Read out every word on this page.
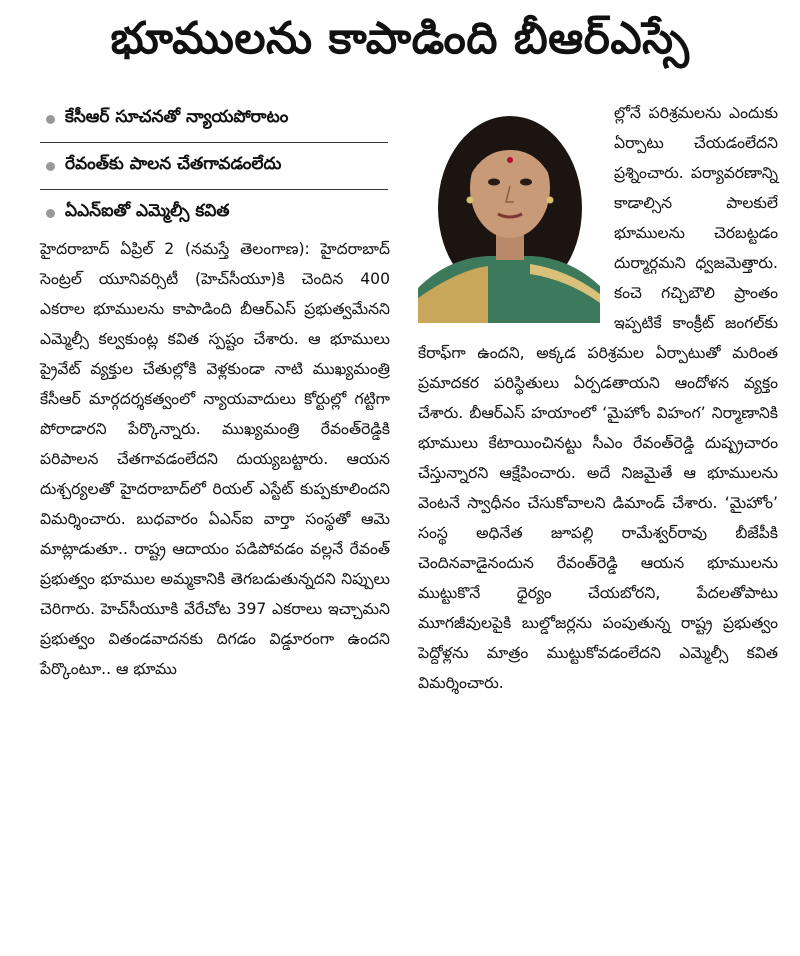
భూములను కాపాడింది బీఆర్ఎస్సే
కేసీఆర్ సూచనతో న్యాయపోరాటం
రేవంత్‌కు పాలన చేతగావడంలేదు
ఏఎన్ఐతో ఎమ్మెల్సీ కవిత

హైదరాబాద్ ఏప్రిల్ 2 (నమస్తే తెలంగాణ): హైదరాబాద్ సెంట్రల్ యూనివర్సిటీ (హెచ్‌సీయూ)కి చెందిన 400 ఎకరాల భూములను కాపాడింది బీఆర్ఎస్ ప్రభుత్వమేనని ఎమ్మెల్సీ కల్వకుంట్ల కవిత స్పష్టం చేశారు. ఆ భూములు ప్రైవేట్ వ్యక్తుల చేతుల్లోకి వెళ్లకుండా నాటి ముఖ్యమంత్రి కేసీఆర్ మార్గదర్శకత్వంలో న్యాయవాదులు కోర్టుల్లో గట్టిగా పోరాడారని పేర్కొన్నారు. ముఖ్యమంత్రి రేవంత్‌రెడ్డికి పరిపాలన చేతగావడంలేదని దుయ్యబట్టారు. ఆయన దుశ్చర్యలతో హైదరాబాద్‌లో రియల్ ఎస్టేట్ కుప్పకూలిందని విమర్శించారు. బుధవారం ఏఎన్ఐ వార్తా సంస్థతో ఆమె మాట్లాడుతూ.. రాష్ట్ర ఆదాయం పడిపోవడం వల్లనే రేవంత్ ప్రభుత్వం భూముల అమ్మకానికి తెగబడుతున్నదని నిప్పులు చెరిగారు. హెచ్‌సీయూకి వేరేచోట 397 ఎకరాలు ఇచ్చామని ప్రభుత్వం వితండవాదనకు దిగడం విడ్డూరంగా ఉందని పేర్కొంటూ.. ఆ భూము

ల్లోనే పరిశ్రమలను ఎందుకు ఏర్పాటు చేయడంలేదని ప్రశ్నించారు. పర్యావరణాన్ని కాడాల్సిన పాలకులే భూములను చెరబట్టడం దుర్మార్గమని ధ్వజమెత్తారు. కంచె గచ్చిబౌలి ప్రాంతం ఇప్పటికే కాంక్రీట్ జంగల్‌కు కేరాఫ్‌గా ఉందని, అక్కడ పరిశ్రమల ఏర్పాటుతో మరింత ప్రమాదకర పరిస్థితులు ఏర్పడతాయని ఆందోళన వ్యక్తం చేశారు. బీఆర్ఎస్ హయాంలో ‘మైహోం విహంగ’ నిర్మాణానికి భూములు కేటాయించినట్టు సీఎం రేవంత్‌రెడ్డి దుష్ప్రచారం చేస్తున్నారని ఆక్షేపించారు. అదే నిజమైతే ఆ భూములను వెంటనే స్వాధీనం చేసుకోవాలని డిమాండ్ చేశారు. ‘మైహోం’ సంస్థ అధినేత జూపల్లి రామేశ్వర్‌రావు బీజేపీకి చెందినవాడైనందున రేవంత్‌రెడ్డి ఆయన భూములను ముట్టుకొనే ధైర్యం చేయబోరని, పేదలతోపాటు మూగజీవులపైకి బుల్డోజర్లను పంపుతున్న రాష్ట్ర ప్రభుత్వం పెద్దోళ్లను మాత్రం ముట్టుకోవడంలేదని ఎమ్మెల్సీ కవిత విమర్శించారు.
